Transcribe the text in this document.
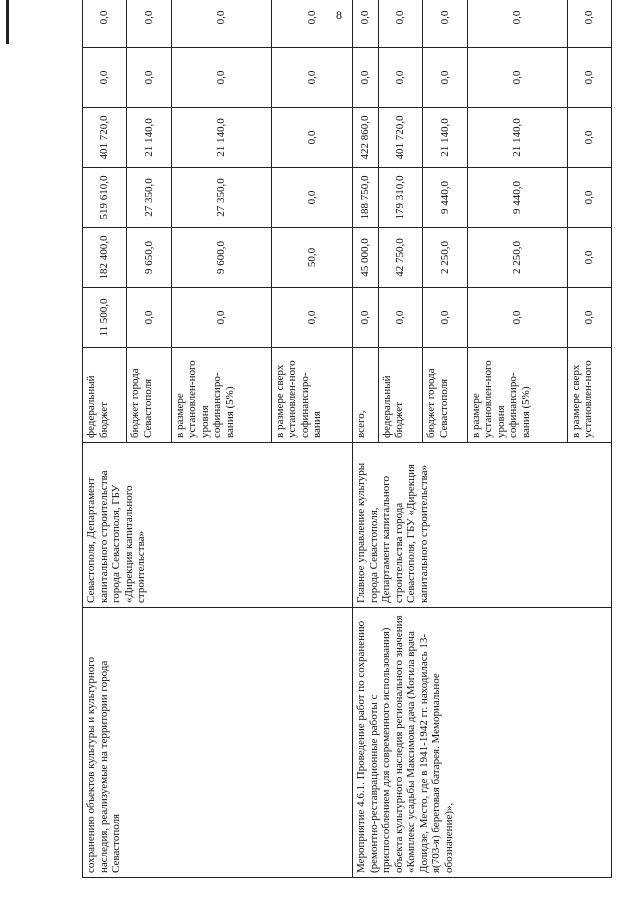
8
сохранению объектов культуры и культурного наследия, реализуемые на территории города Севастополя	Севастополя, Департамент капитального строительства города Севастополя, ГБУ «Дирекция капитального строительства»	федеральный бюджет	11 500,0	182 400,0	519 610,0	401 720,0	0,0	0,0	
		бюджет города Севастополя	0,0	9 650,0	27 350,0	21 140,0	0,0	0,0	
		в размере установлен-ного уровня софинансиро-вания (5%)	0,0	9 600,0	27 350,0	21 140,0	0,0	0,0	
		в размере сверх установлен-ного софинансиро-вания	0,0	50,0	0,0	0,0	0,0	0,0	
Мероприятие 4.6.1. Проведение работ по сохранению (ремонтно-реставрационные работы с приспособлением для современного использования) объекта культурного наследия регионального значения «Комплекс усадьбы Максимова дача (Могила врача Долидзе, Место, где в 1941-1942 гг. находилась 13-я(703-я) береговая батарея. Мемориальное обозначение)»,	Главное управление культуры города Севастополя, Департамент капитального строительства города Севастополя, ГБУ «Дирекция капитального строительства»	всего,	0,0	45 000,0	188 750,0	422 860,0	0,0	0,0	
		федеральный бюджет	0,0	42 750,0	179 310,0	401 720,0	0,0	0,0	
		бюджет города Севастополя	0,0	2 250,0	9 440,0	21 140,0	0,0	0,0	
		в размере установлен-ного уровня софинансиро-вания (5%)	0,0	2 250,0	9 440,0	21 140,0	0,0	0,0	
		в размере сверх установлен-ного	0,0	0,0	0,0	0,0	0,0	0,0	
